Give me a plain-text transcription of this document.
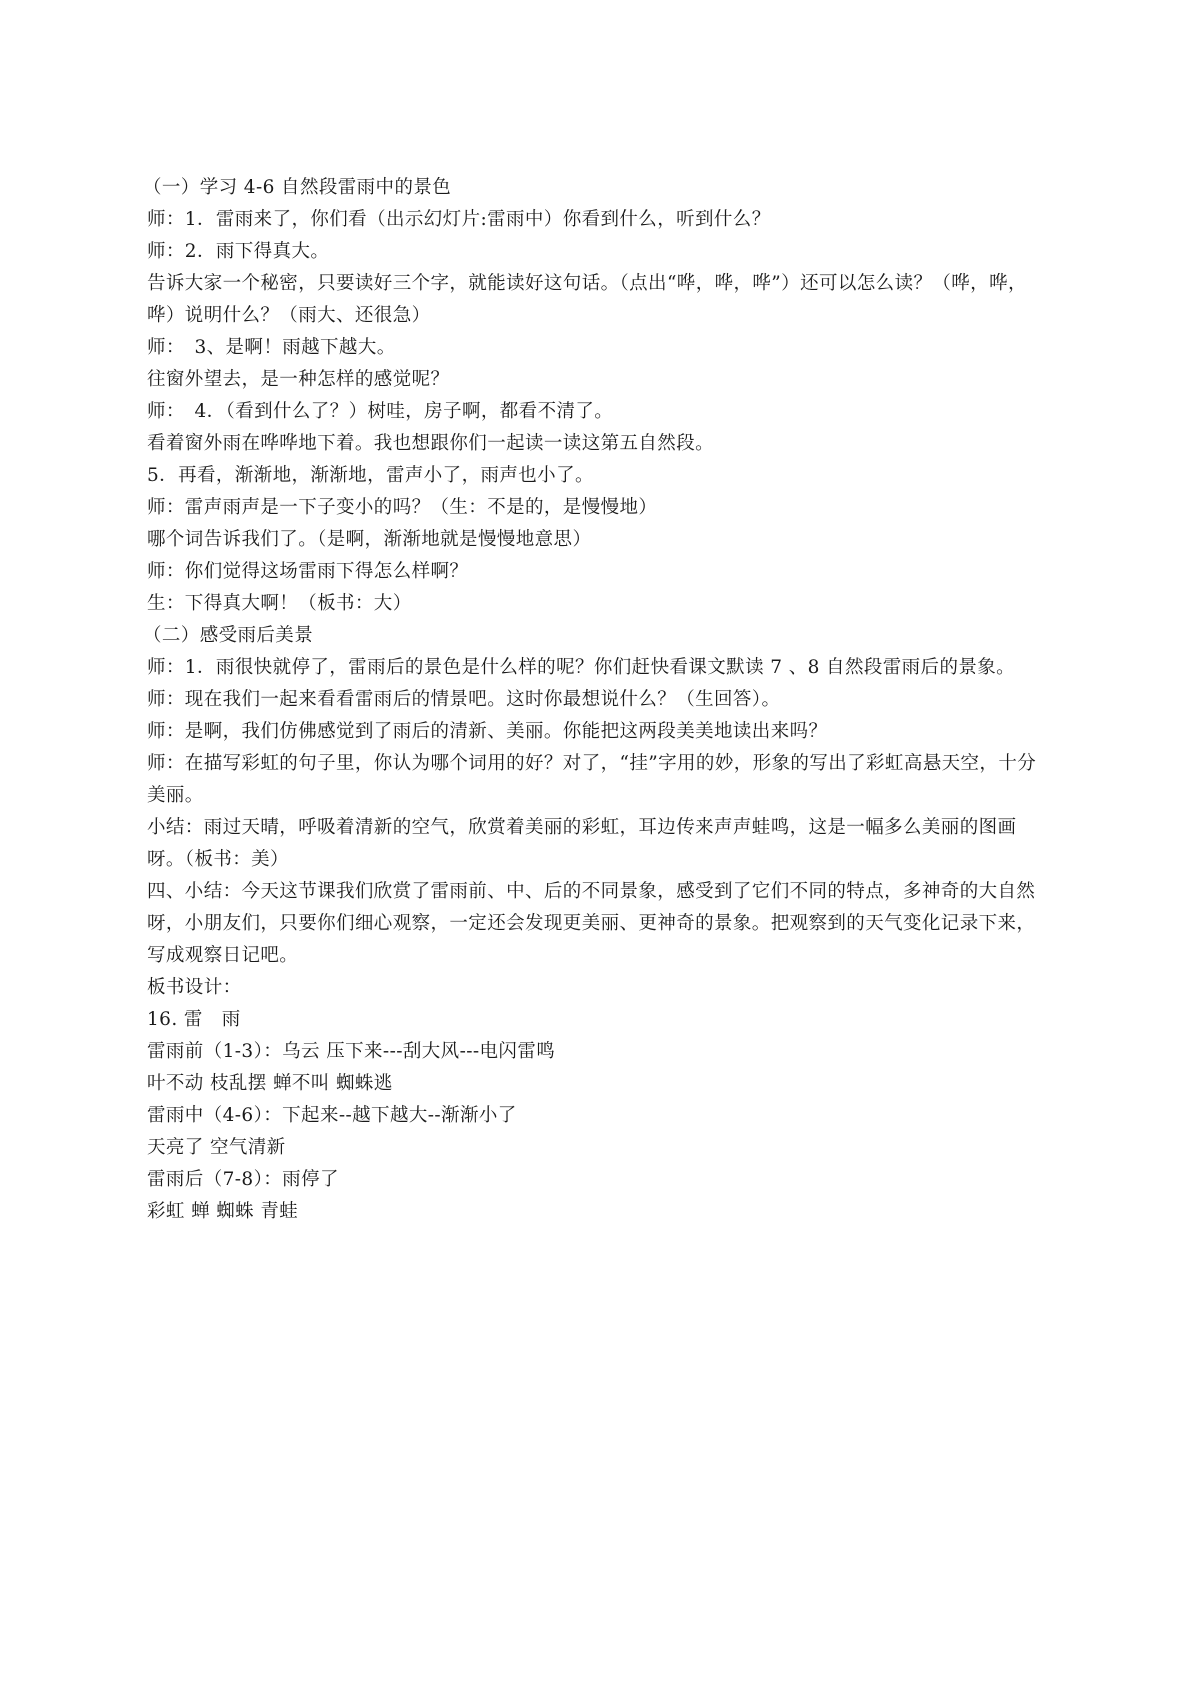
（一）学习 4-6 自然段雷雨中的景色

师：1．雷雨来了，你们看（出示幻灯片:雷雨中）你看到什么，听到什么？

师：2．雨下得真大。

告诉大家一个秘密，只要读好三个字，就能读好这句话。（点出“哗，哗，哗”）还可以怎么读？（哗，哗，哗）说明什么？（雨大、还很急）

师：　3、是啊！雨越下越大。

往窗外望去，是一种怎样的感觉呢？

师：　4．（看到什么了？）树哇，房子啊，都看不清了。

看着窗外雨在哗哗地下着。我也想跟你们一起读一读这第五自然段。

5．再看，渐渐地，渐渐地，雷声小了，雨声也小了。

师：雷声雨声是一下子变小的吗？（生：不是的，是慢慢地）

哪个词告诉我们了。（是啊，渐渐地就是慢慢地意思）

师：你们觉得这场雷雨下得怎么样啊？

生：下得真大啊！（板书：大）

（二）感受雨后美景

师：1．雨很快就停了，雷雨后的景色是什么样的呢？你们赶快看课文默读 7 、8 自然段雷雨后的景象。

师：现在我们一起来看看雷雨后的情景吧。这时你最想说什么？（生回答）。

师：是啊，我们仿佛感觉到了雨后的清新、美丽。你能把这两段美美地读出来吗？

师：在描写彩虹的句子里，你认为哪个词用的好？对了，“挂”字用的妙，形象的写出了彩虹高悬天空，十分美丽。

小结：雨过天晴，呼吸着清新的空气，欣赏着美丽的彩虹，耳边传来声声蛙鸣，这是一幅多么美丽的图画呀。（板书：美）

四、小结：今天这节课我们欣赏了雷雨前、中、后的不同景象，感受到了它们不同的特点，多神奇的大自然呀，小朋友们，只要你们细心观察，一定还会发现更美丽、更神奇的景象。把观察到的天气变化记录下来，写成观察日记吧。

板书设计：

16. 雷　雨

雷雨前（1-3）：乌云 压下来---刮大风---电闪雷鸣

叶不动 枝乱摆 蝉不叫 蜘蛛逃

雷雨中（4-6）：下起来--越下越大--渐渐小了

天亮了 空气清新

雷雨后（7-8）：雨停了

彩虹 蝉 蜘蛛 青蛙
